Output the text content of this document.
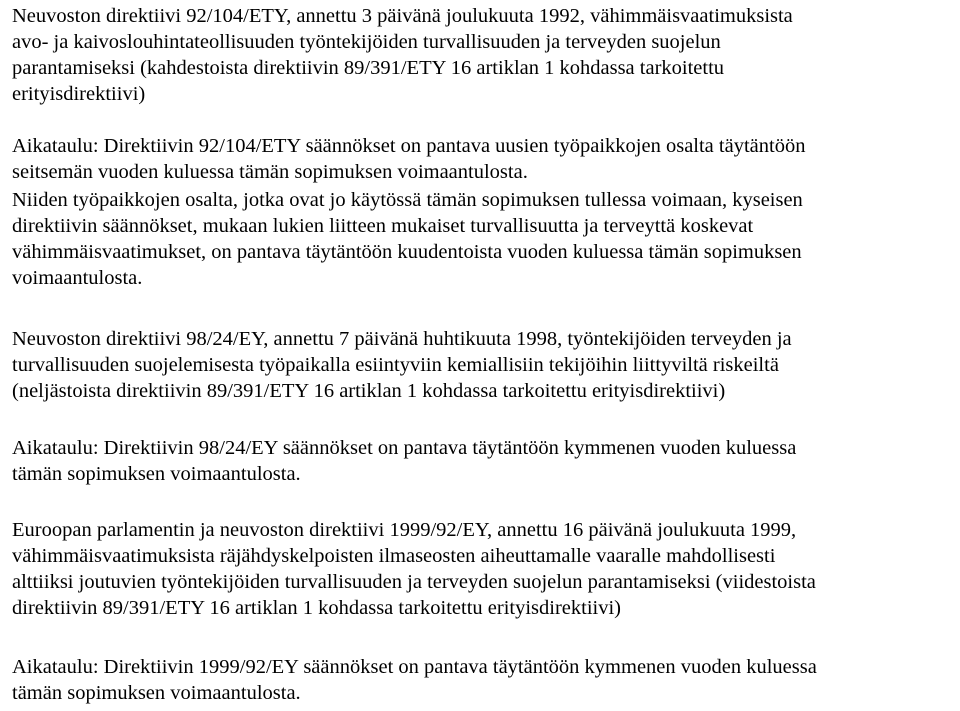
Neuvoston direktiivi 92/104/ETY, annettu 3 päivänä joulukuuta 1992, vähimmäisvaatimuksista
avo- ja kaivoslouhintateollisuuden työntekijöiden turvallisuuden ja terveyden suojelun
parantamiseksi (kahdestoista direktiivin 89/391/ETY 16 artiklan 1 kohdassa tarkoitettu
erityisdirektiivi)

Aikataulu: Direktiivin 92/104/ETY säännökset on pantava uusien työpaikkojen osalta täytäntöön
seitsemän vuoden kuluessa tämän sopimuksen voimaantulosta.

Niiden työpaikkojen osalta, jotka ovat jo käytössä tämän sopimuksen tullessa voimaan, kyseisen
direktiivin säännökset, mukaan lukien liitteen mukaiset turvallisuutta ja terveyttä koskevat
vähimmäisvaatimukset, on pantava täytäntöön kuudentoista vuoden kuluessa tämän sopimuksen
voimaantulosta.

Neuvoston direktiivi 98/24/EY, annettu 7 päivänä huhtikuuta 1998, työntekijöiden terveyden ja
turvallisuuden suojelemisesta työpaikalla esiintyviin kemiallisiin tekijöihin liittyviltä riskeiltä
(neljästoista direktiivin 89/391/ETY 16 artiklan 1 kohdassa tarkoitettu erityisdirektiivi)

Aikataulu: Direktiivin 98/24/EY säännökset on pantava täytäntöön kymmenen vuoden kuluessa
tämän sopimuksen voimaantulosta.

Euroopan parlamentin ja neuvoston direktiivi 1999/92/EY, annettu 16 päivänä joulukuuta 1999,
vähimmäisvaatimuksista räjähdyskelpoisten ilmaseosten aiheuttamalle vaaralle mahdollisesti
alttiiksi joutuvien työntekijöiden turvallisuuden ja terveyden suojelun parantamiseksi (viidestoista
direktiivin 89/391/ETY 16 artiklan 1 kohdassa tarkoitettu erityisdirektiivi)

Aikataulu: Direktiivin 1999/92/EY säännökset on pantava täytäntöön kymmenen vuoden kuluessa
tämän sopimuksen voimaantulosta.
